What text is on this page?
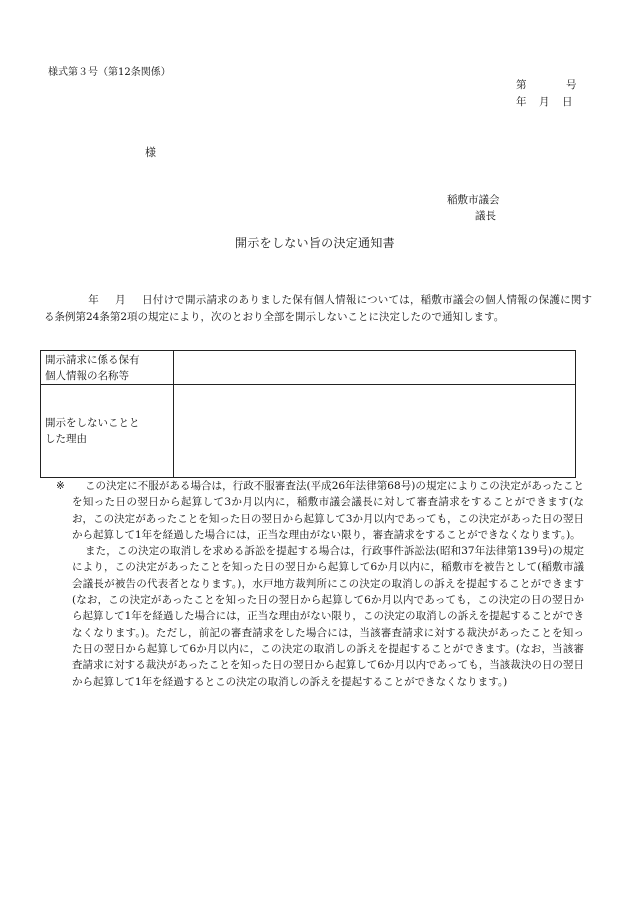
様式第３号（第12条関係）
第	号
年 月 日
様
稲敷市議会
議長
開示をしない旨の決定通知書
年 月 日付けで開示請求のありました保有個人情報については，稲敷市議会の個人情報の保護に関する条例第24条第2項の規定により，次のとおり全部を開示しないことに決定したので通知します。
開示請求に係る保有
個人情報の名称等	

開示をしないことと
した理由	

※	この決定に不服がある場合は，行政不服審査法(平成26年法律第68号)の規定によりこの決定があったことを知った日の翌日から起算して3か月以内に，稲敷市議会議長に対して審査請求をすることができます(なお，この決定があったことを知った日の翌日から起算して3か月以内であっても，この決定があった日の翌日から起算して1年を経過した場合には，正当な理由がない限り，審査請求をすることができなくなります。)。
また，この決定の取消しを求める訴訟を提起する場合は，行政事件訴訟法(昭和37年法律第139号)の規定により，この決定があったことを知った日の翌日から起算して6か月以内に，稲敷市を被告として(稲敷市議会議長が被告の代表者となります。)，水戸地方裁判所にこの決定の取消しの訴えを提起することができます(なお，この決定があったことを知った日の翌日から起算して6か月以内であっても，この決定の日の翌日から起算して1年を経過した場合には，正当な理由がない限り，この決定の取消しの訴えを提起することができなくなります。)。ただし，前記の審査請求をした場合には，当該審査請求に対する裁決があったことを知った日の翌日から起算して6か月以内に，この決定の取消しの訴えを提起することができます。(なお，当該審査請求に対する裁決があったことを知った日の翌日から起算して6か月以内であっても，当該裁決の日の翌日から起算して1年を経過するとこの決定の取消しの訴えを提起することができなくなります。)
